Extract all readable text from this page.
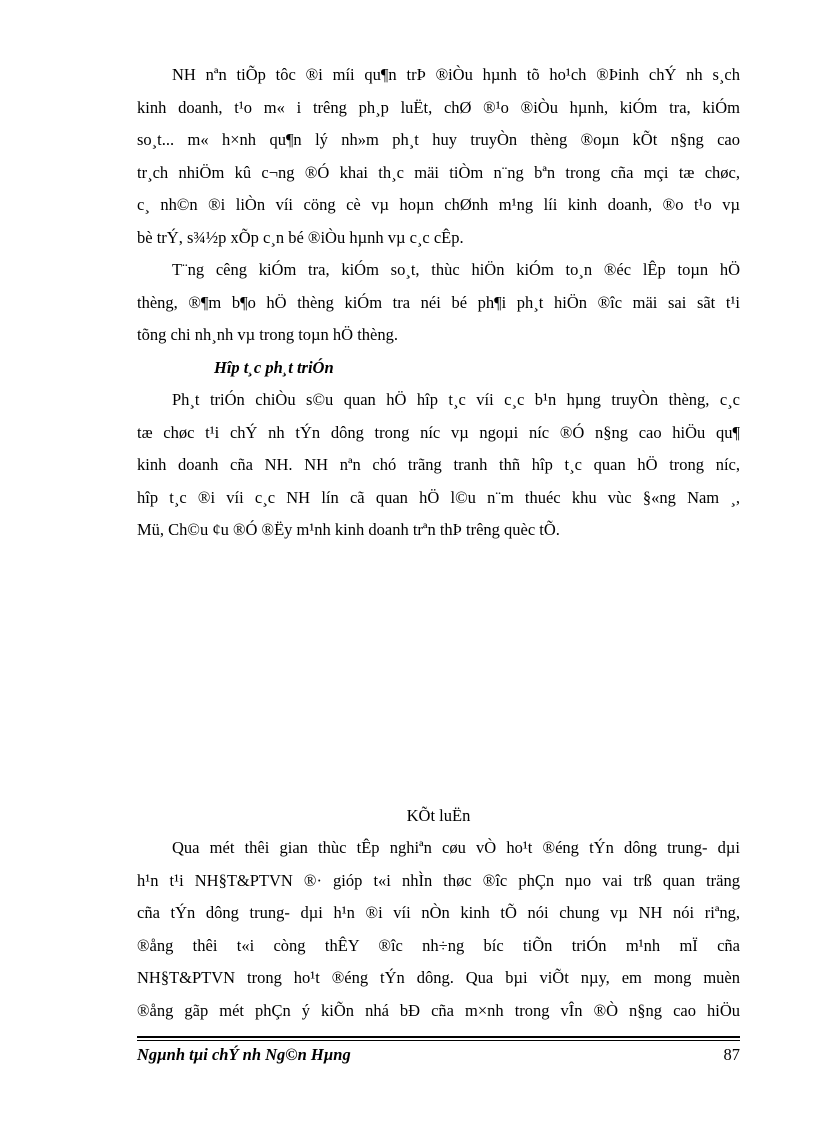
NH nªn tiÕp tôc ®i míi qu¶n trÞ ®iÒu hµnh tõ ho¹ch ®Þinh chÝ nh s¸ch
kinh doanh, t¹o m« i trêng ph¸p luËt, chØ ®¹o ®iÒu hµnh, kiÓm tra, kiÓm
so¸t... m« h×nh qu¶n lý nh»m ph¸t huy truyÒn thèng ®oµn kÕt n§ng cao
tr¸ch nhiÖm kû c¬ng ®Ó khai th¸c mäi tiÒm n¨ng bªn trong cña mçi tæ chøc,
c¸ nh©n ®i liÒn víi cöng cè vµ hoµn chØnh m¹ng líi kinh doanh, ®o t¹o vµ
bè trÝ, s¾½p xÕp c¸n bé ®iÒu hµnh vµ c¸c cÊp.
T¨ng cêng kiÓm tra, kiÓm so¸t, thùc hiÖn kiÓm to¸n ®éc lÊp toµn hÖ
thèng, ®¶m b¶o hÖ thèng kiÓm tra néi bé ph¶i ph¸t hiÖn ®îc mäi sai sãt t¹i
tõng chi nh¸nh vµ trong toµn hÖ thèng.
Hîp t¸c ph¸t triÓn
Ph¸t triÓn chiÒu s©u quan hÖ hîp t¸c víi c¸c b¹n hµng truyÒn thèng, c¸c
tæ chøc t¹i chÝ nh tÝn dông trong níc vµ ngoµi níc ®Ó n§ng cao hiÖu qu¶
kinh doanh cña NH. NH nªn chó trãng tranh thñ hîp t¸c quan hÖ trong níc,
hîp t¸c ®i víi c¸c NH lín cã quan hÖ l©u n¨m thuéc khu vùc §«ng Nam ¸,
Mü, Ch©u ¢u ®Ó ®Ëy m¹nh kinh doanh trªn thÞ trêng quèc tÕ.
KÕt luËn
Qua mét thêi gian thùc tÊp nghiªn cøu vÒ ho¹t ®éng tÝn dông trung- dµi
h¹n t¹i NH§T&PTVN ®· gióp t«i nhÌn thøc ®îc phÇn nµo vai trß quan träng
cña tÝn dông trung- dµi h¹n ®i víi nÒn kinh tÕ nói chung vµ NH nói riªng,
®ång thêi t«i còng thÊY ®îc nh÷ng bíc tiÕn triÓn m¹nh mÏ cña
NH§T&PTVN trong ho¹t ®éng tÝn dông. Qua bµi viÕt nµy, em mong muèn
®ång gãp mét phÇn ý kiÕn nhá bÐ cña m×nh trong vÎn ®Ò n§ng cao hiÖu
Ngµnh tµi chÝ nh Ng©n Hµng	87
